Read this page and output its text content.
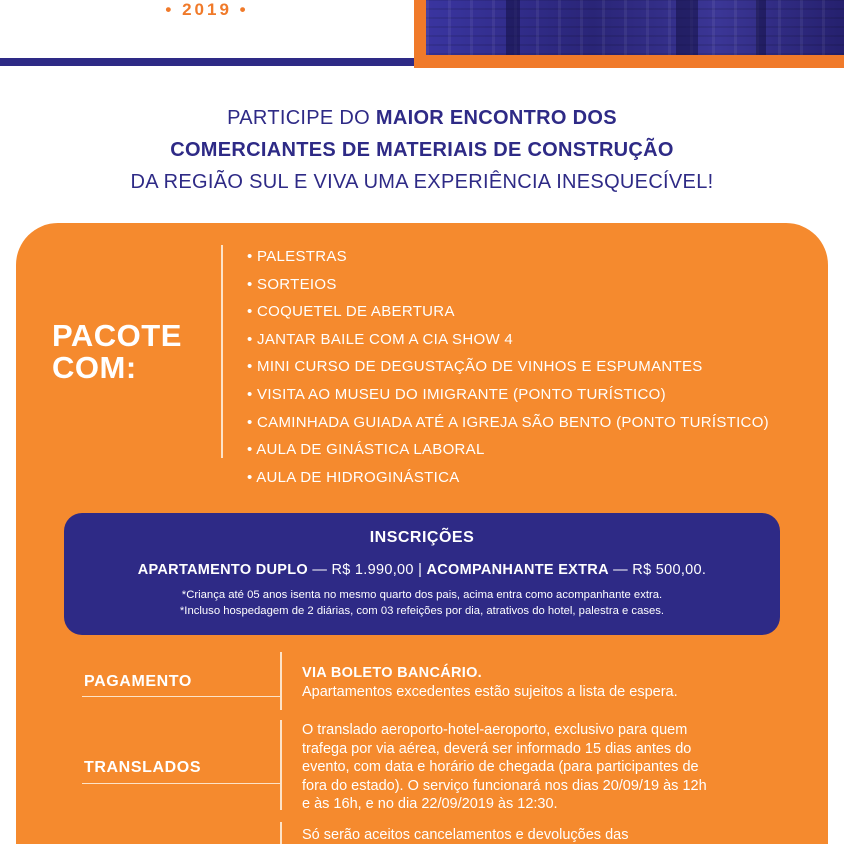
• 2019 •
PARTICIPE DO MAIOR ENCONTRO DOS
COMERCIANTES DE MATERIAIS DE CONSTRUÇÃO
DA REGIÃO SUL E VIVA UMA EXPERIÊNCIA INESQUECÍVEL!
PACOTE
COM:
• PALESTRAS
• SORTEIOS
• COQUETEL DE ABERTURA
• JANTAR BAILE COM A CIA SHOW 4
• MINI CURSO DE DEGUSTAÇÃO DE VINHOS E ESPUMANTES
• VISITA AO MUSEU DO IMIGRANTE (PONTO TURÍSTICO)
• CAMINHADA GUIADA ATÉ A IGREJA SÃO BENTO (PONTO TURÍSTICO)
• AULA DE GINÁSTICA LABORAL
• AULA DE HIDROGINÁSTICA
INSCRIÇÕES
APARTAMENTO DUPLO — R$ 1.990,00 | ACOMPANHANTE EXTRA — R$ 500,00.
*Criança até 05 anos isenta no mesmo quarto dos pais, acima entra como acompanhante extra.
*Incluso hospedagem de 2 diárias, com 03 refeições por dia, atrativos do hotel, palestra e cases.
PAGAMENTO	VIA BOLETO BANCÁRIO.
Apartamentos excedentes estão sujeitos a lista de espera.
TRANSLADOS
O translado aeroporto-hotel-aeroporto, exclusivo para quem
trafega por via aérea, deverá ser informado 15 dias antes do
evento, com data e horário de chegada (para participantes de
fora do estado). O serviço funcionará nos dias 20/09/19 às 12h
e às 16h, e no dia 22/09/2019 às 12:30.
Só serão aceitos cancelamentos e devoluções das
